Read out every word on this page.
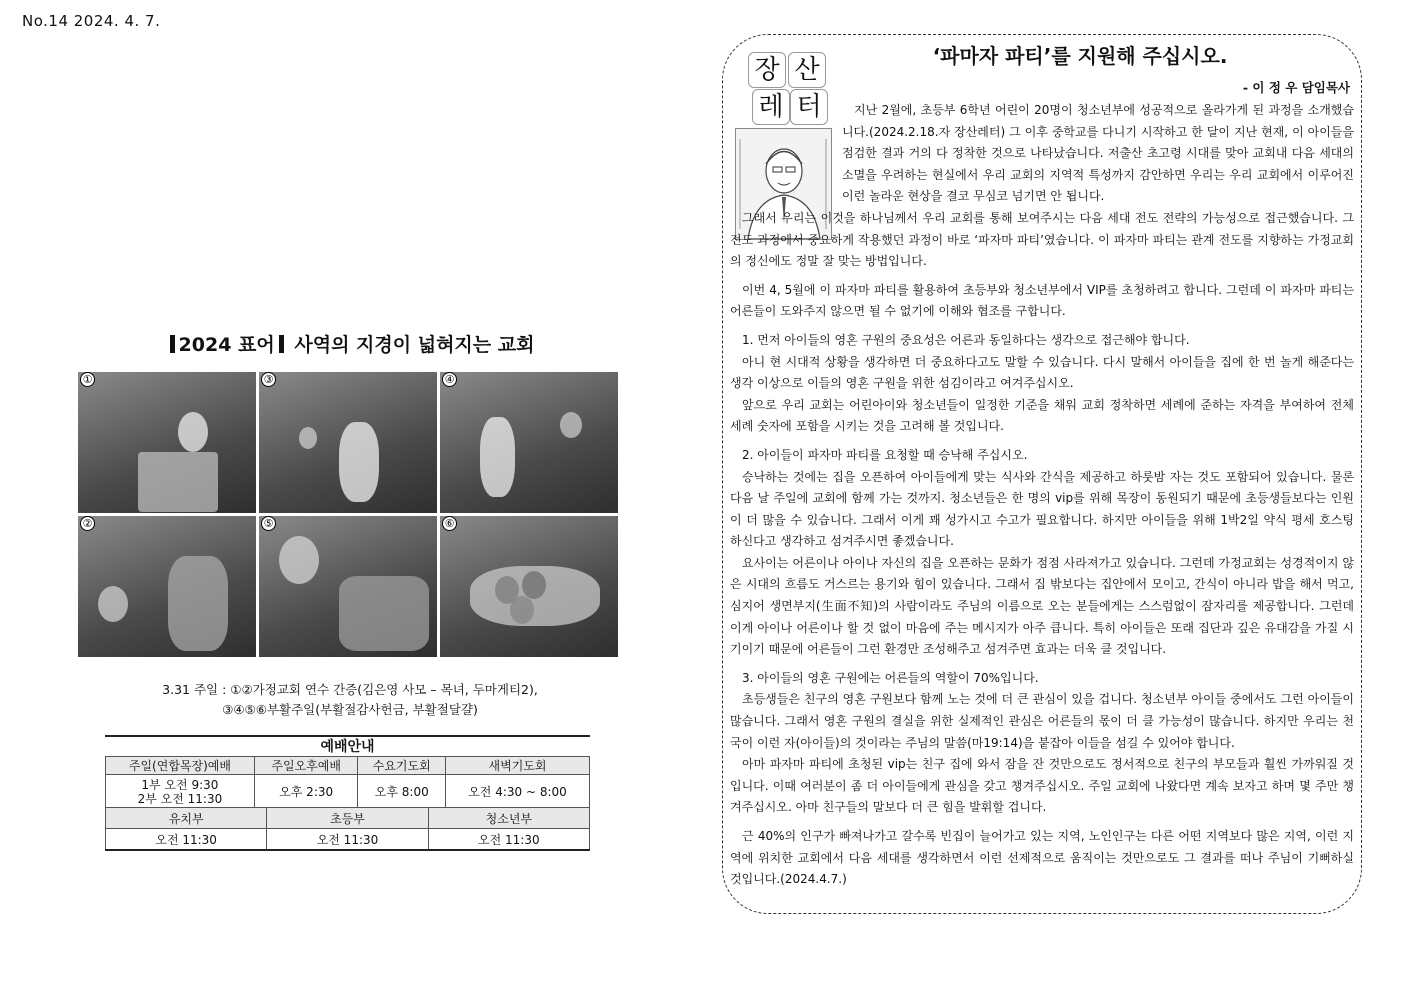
No.14 2024. 4. 7.
2024 표어 사역의 지경이 넓혀지는 교회
①	③	④
②	⑤	⑥
3.31 주일 : ①②가정교회 연수 간증(김은영 사모 – 목녀, 두마게티2),
③④⑤⑥부활주일(부활절감사헌금, 부활절달걀)
예배안내
주일(연합목장)예배	주일오후예배	수요기도회	새벽기도회

1부 오전 9:30
2부 오전 11:30	오후 2:30	오후 8:00	오전 4:30 ~ 8:00
유치부	초등부	청소년부
오전 11:30	오전 11:30	오전 11:30
장 산
레 터
‘파마자 파티’를 지원해 주십시오.
- 이 정 우 담임목사

지난 2월에, 초등부 6학년 어린이 20명이 청소년부에 성공적으로 올라가게 된 과정을 소개했습니다.(2024.2.18.자 장산레터) 그 이후 중학교를 다니기 시작하고 한 달이 지난 현재, 이 아이들을 점검한 결과 거의 다 정착한 것으로 나타났습니다. 저출산 초고령 시대를 맞아 교회내 다음 세대의 소멸을 우려하는 현실에서 우리 교회의 지역적 특성까지 감안하면 우리는 우리 교회에서 이루어진 이런 놀라운 현상을 결코 무심코 넘기면 안 됩니다.

그래서 우리는 이것을 하나님께서 우리 교회를 통해 보여주시는 다음 세대 전도 전략의 가능성으로 접근했습니다. 그 전도 과정에서 중요하게 작용했던 과정이 바로 ‘파자마 파티’였습니다. 이 파자마 파티는 관계 전도를 지향하는 가정교회의 정신에도 정말 잘 맞는 방법입니다.

이번 4, 5월에 이 파자마 파티를 활용하여 초등부와 청소년부에서 VIP를 초청하려고 합니다. 그런데 이 파자마 파티는 어른들이 도와주지 않으면 될 수 없기에 이해와 협조를 구합니다.

1. 먼저 아이들의 영혼 구원의 중요성은 어른과 동일하다는 생각으로 접근해야 합니다.

아니 현 시대적 상황을 생각하면 더 중요하다고도 말할 수 있습니다. 다시 말해서 아이들을 집에 한 번 놀게 해준다는 생각 이상으로 이들의 영혼 구원을 위한 섬김이라고 여겨주십시오.

앞으로 우리 교회는 어린아이와 청소년들이 일정한 기준을 채워 교회 정착하면 세례에 준하는 자격을 부여하여 전체 세례 숫자에 포함을 시키는 것을 고려해 볼 것입니다.

2. 아이들이 파자마 파티를 요청할 때 승낙해 주십시오.

승낙하는 것에는 집을 오픈하여 아이들에게 맞는 식사와 간식을 제공하고 하룻밤 자는 것도 포함되어 있습니다. 물론 다음 날 주일에 교회에 함께 가는 것까지. 청소년들은 한 명의 vip를 위해 목장이 동원되기 때문에 초등생들보다는 인원이 더 많을 수 있습니다. 그래서 이게 꽤 성가시고 수고가 필요합니다. 하지만 아이들을 위해 1박2일 약식 평세 호스팅 하신다고 생각하고 섬겨주시면 좋겠습니다.

요사이는 어른이나 아이나 자신의 집을 오픈하는 문화가 점점 사라져가고 있습니다. 그런데 가정교회는 성경적이지 않은 시대의 흐름도 거스르는 용기와 힘이 있습니다. 그래서 집 밖보다는 집안에서 모이고, 간식이 아니라 밥을 해서 먹고, 심지어 생면부지(生面不知)의 사람이라도 주님의 이름으로 오는 분들에게는 스스럼없이 잠자리를 제공합니다. 그런데 이게 아이나 어른이나 할 것 없이 마음에 주는 메시지가 아주 큽니다. 특히 아이들은 또래 집단과 깊은 유대감을 가질 시기이기 때문에 어른들이 그런 환경만 조성해주고 섬겨주면 효과는 더욱 클 것입니다.

3. 아이들의 영혼 구원에는 어른들의 역할이 70%입니다.

초등생들은 친구의 영혼 구원보다 함께 노는 것에 더 큰 관심이 있을 겁니다. 청소년부 아이들 중에서도 그런 아이들이 많습니다. 그래서 영혼 구원의 결실을 위한 실제적인 관심은 어른들의 몫이 더 클 가능성이 많습니다. 하지만 우리는 천국이 이런 자(아이들)의 것이라는 주님의 말씀(마19:14)을 붙잡아 이들을 섬길 수 있어야 합니다.

아마 파자마 파티에 초청된 vip는 친구 집에 와서 잠을 잔 것만으로도 정서적으로 친구의 부모들과 훨씬 가까워질 것입니다. 이때 여러분이 좀 더 아이들에게 관심을 갖고 챙겨주십시오. 주일 교회에 나왔다면 계속 보자고 하며 몇 주만 챙겨주십시오. 아마 친구들의 말보다 더 큰 힘을 발휘할 겁니다.

근 40%의 인구가 빠져나가고 갈수록 빈집이 늘어가고 있는 지역, 노인인구는 다른 어떤 지역보다 많은 지역, 이런 지역에 위치한 교회에서 다음 세대를 생각하면서 이런 선제적으로 움직이는 것만으로도 그 결과를 떠나 주님이 기뻐하실 것입니다.(2024.4.7.)
